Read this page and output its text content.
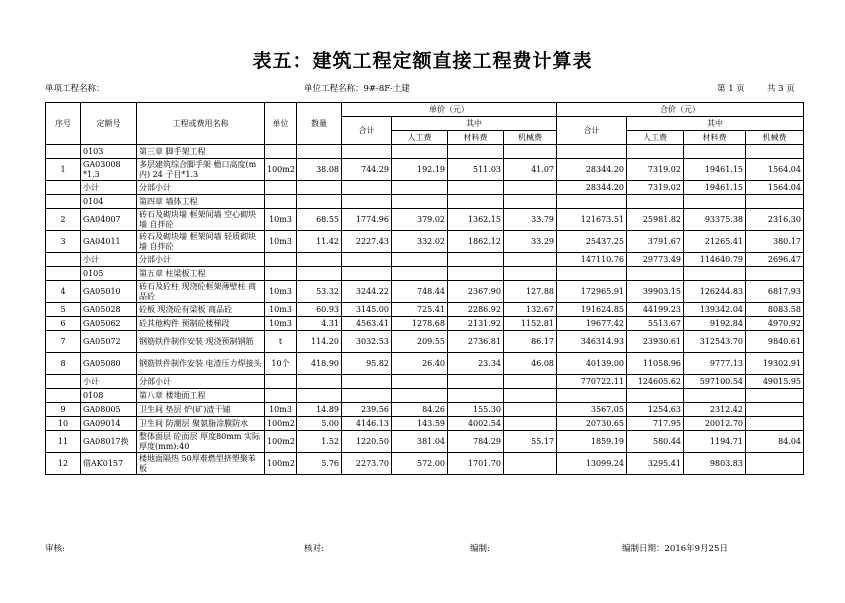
表五：建筑工程定额直接工程费计算表
单项工程名称：	单位工程名称：9#-8F-土建	第 1 页	共 3 页
序号	定额号	工程或费用名称	单位	数量	单价（元）				合价（元）			
					合计	其中			合计	其中		
						人工费	材料费	机械费		人工费	材料费	机械费
	0103	第三章 脚手架工程										
1	GA03008 *1.3	多层建筑综合脚手架 檐口高度(m内) 24 子目*1.3	100m2	38.08	744.29	192.19	511.03	41.07	28344.20	7319.02	19461.15	1564.04
	小计	分部小计							28344.20	7319.02	19461.15	1564.04
	0104	第四章 墙体工程										
2	GA04007	砖石及砌块墙 框架间墙 空心砌块墙 自拌砼	10m3	68.55	1774.96	379.02	1362.15	33.79	121673.51	25981.82	93375.38	2316.30
3	GA04011	砖石及砌块墙 框架间墙 轻质砌块墙 自拌砼	10m3	11.42	2227.43	332.02	1862.12	33.29	25437.25	3791.67	21265.41	380.17
	小计	分部小计							147110.76	29773.49	114640.79	2696.47
	0105	第五章 柱梁板工程										
4	GA05010	砖石及砼柱 现浇砼框架薄壁柱 商品砼	10m3	53.32	3244.22	748.44	2367.90	127.88	172965.91	39903.15	126244.83	6817.93
5	GA05028	砼板 现浇砼有梁板 商品砼	10m3	60.93	3145.00	725.41	2286.92	132.67	191624.85	44199.23	139342.04	8083.58
6	GA05062	砼其他构件 预制砼楼梯段	10m3	4.31	4563.41	1278.68	2131.92	1152.81	19677.42	5513.67	9192.84	4970.92
7	GA05072	钢筋铁件制作安装 现浇预制钢筋	t	114.20	3032.53	209.55	2736.81	86.17	346314.93	23930.61	312543.70	9840.61
8	GA05080	钢筋铁件制作安装 电渣压力焊接头	10个	418.90	95.82	26.40	23.34	46.08	40139.00	11058.96	9777.13	19302.91
	小计	分部小计							770722.11	124605.62	597100.54	49015.95
	0108	第八章 楼地面工程										
9	GA08005	卫生间 垫层 炉(矿)渣干铺	10m3	14.89	239.56	84.26	155.30		3567.05	1254.63	2312.42	
10	GA09014	卫生间 防潮层 聚氨脂涂膜防水	100m2	5.00	4146.13	143.59	4002.54		20730.65	717.95	20012.70	
11	GA08017换	整体面层 砼面层 厚度80mm 实际厚度(mm):40	100m2	1.52	1220.50	381.04	784.29	55.17	1859.19	580.44	1194.71	84.04
12	借AK0157	楼地面隔热 50厚难燃型挤塑聚苯板	100m2	5.76	2273.70	572.00	1701.70		13099.24	3295.41	9803.83	
审核:	核对:	编制:	编制日期：2016年9月25日
